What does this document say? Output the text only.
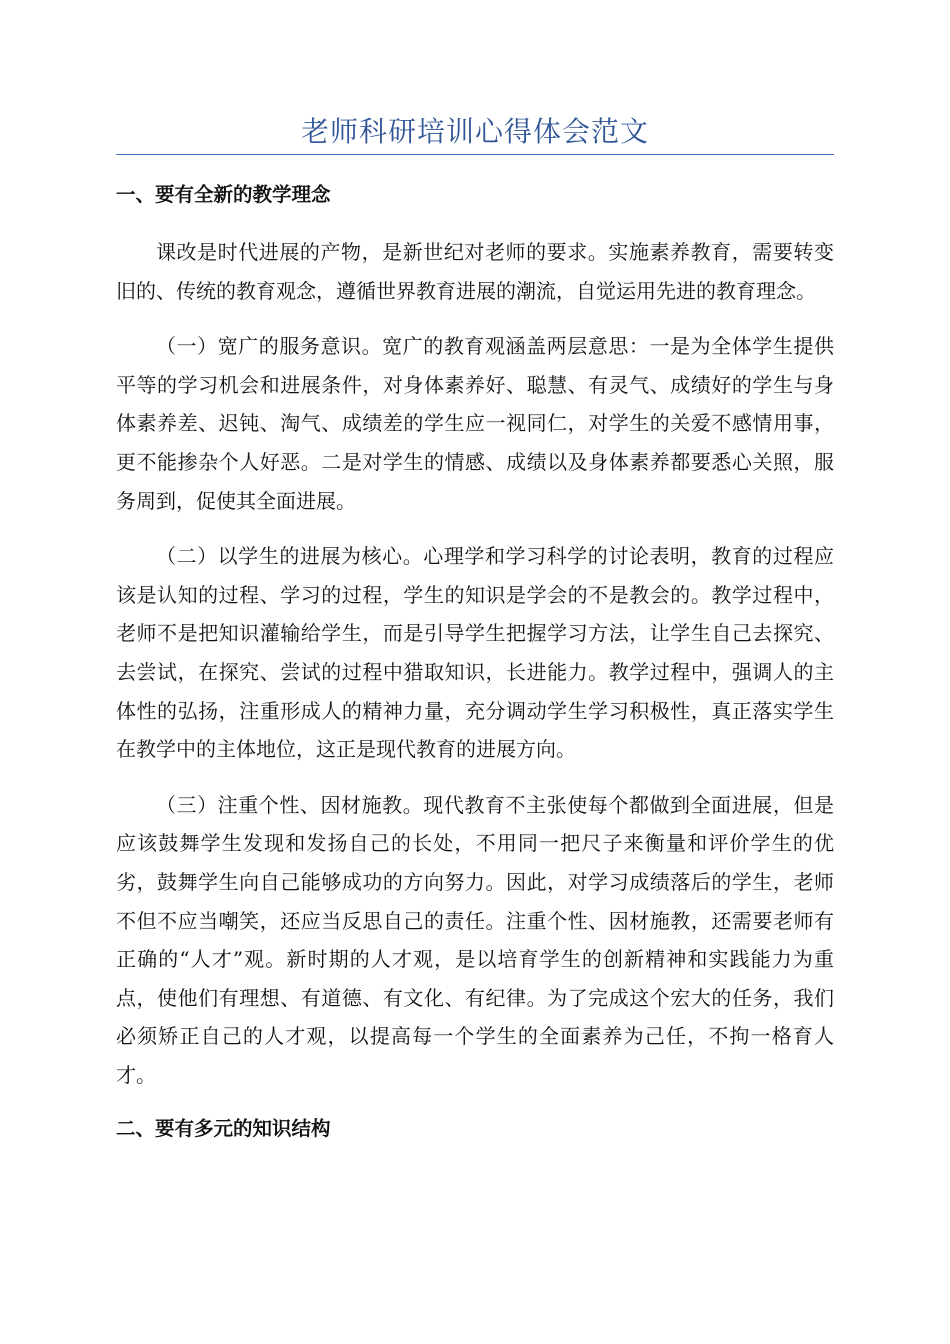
老师科研培训心得体会范文
一、要有全新的教学理念

课改是时代进展的产物，是新世纪对老师的要求。实施素养教育，需要转变旧的、传统的教育观念，遵循世界教育进展的潮流，自觉运用先进的教育理念。

（一）宽广的服务意识。宽广的教育观涵盖两层意思：一是为全体学生提供平等的学习机会和进展条件，对身体素养好、聪慧、有灵气、成绩好的学生与身体素养差、迟钝、淘气、成绩差的学生应一视同仁，对学生的关爱不感情用事，更不能掺杂个人好恶。二是对学生的情感、成绩以及身体素养都要悉心关照，服务周到，促使其全面进展。

（二）以学生的进展为核心。心理学和学习科学的讨论表明，教育的过程应该是认知的过程、学习的过程，学生的知识是学会的不是教会的。教学过程中，老师不是把知识灌输给学生，而是引导学生把握学习方法，让学生自己去探究、去尝试，在探究、尝试的过程中猎取知识，长进能力。教学过程中，强调人的主体性的弘扬，注重形成人的精神力量，充分调动学生学习积极性，真正落实学生在教学中的主体地位，这正是现代教育的进展方向。

（三）注重个性、因材施教。现代教育不主张使每个都做到全面进展，但是应该鼓舞学生发现和发扬自己的长处，不用同一把尺子来衡量和评价学生的优劣，鼓舞学生向自己能够成功的方向努力。因此，对学习成绩落后的学生，老师不但不应当嘲笑，还应当反思自己的责任。注重个性、因材施教，还需要老师有正确的“人才”观。新时期的人才观，是以培育学生的创新精神和实践能力为重点，使他们有理想、有道德、有文化、有纪律。为了完成这个宏大的任务，我们必须矫正自己的人才观，以提高每一个学生的全面素养为己任，不拘一格育人才。

二、要有多元的知识结构
